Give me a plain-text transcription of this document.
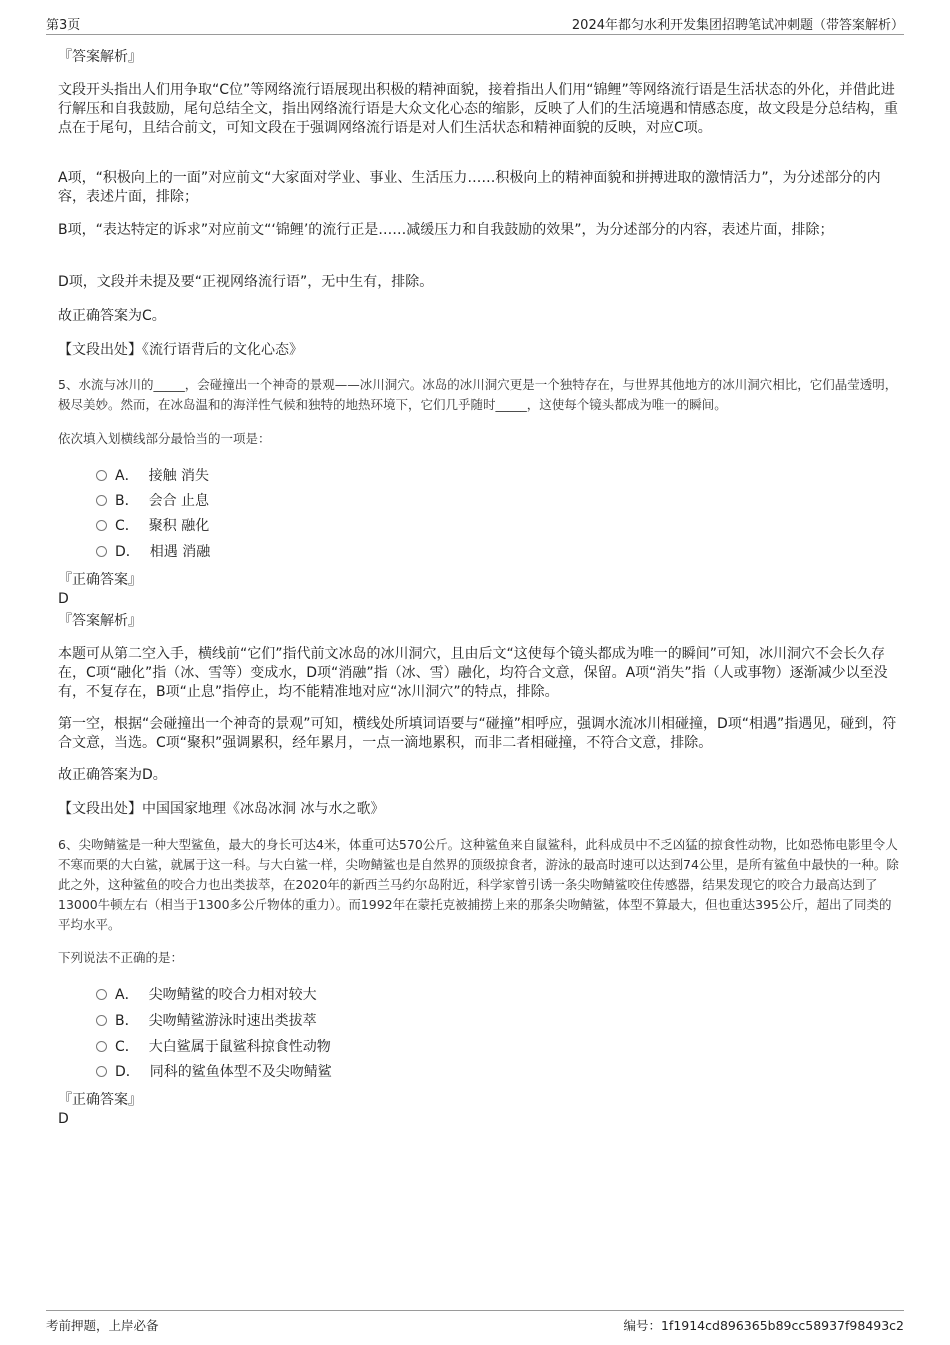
第3页	2024年都匀水利开发集团招聘笔试冲刺题（带答案解析）
『答案解析』
文段开头指出人们用争取“C位”等网络流行语展现出积极的精神面貌，接着指出人们用“锦鲤”等网络流行语是生活状态的外化，并借此进行解压和自我鼓励，尾句总结全文，指出网络流行语是大众文化心态的缩影，反映了人们的生活境遇和情感态度，故文段是分总结构，重点在于尾句，且结合前文，可知文段在于强调网络流行语是对人们生活状态和精神面貌的反映，对应C项。
A项，“积极向上的一面”对应前文“大家面对学业、事业、生活压力……积极向上的精神面貌和拼搏进取的激情活力”，为分述部分的内容，表述片面，排除；
B项，“表达特定的诉求”对应前文“‘锦鲤’的流行正是……减缓压力和自我鼓励的效果”，为分述部分的内容，表述片面，排除；
D项，文段并未提及要“正视网络流行语”，无中生有，排除。
故正确答案为C。
【文段出处】《流行语背后的文化心态》
5、水流与冰川的_____，会碰撞出一个神奇的景观——冰川洞穴。冰岛的冰川洞穴更是一个独特存在，与世界其他地方的冰川洞穴相比，它们晶莹透明，极尽美妙。然而，在冰岛温和的海洋性气候和独特的地热环境下，它们几乎随时_____，这使每个镜头都成为唯一的瞬间。
依次填入划横线部分最恰当的一项是：
A． 接触 消失
B． 会合 止息
C． 聚积 融化
D． 相遇 消融
『正确答案』
D
『答案解析』
本题可从第二空入手，横线前“它们”指代前文冰岛的冰川洞穴，且由后文“这使每个镜头都成为唯一的瞬间”可知，冰川洞穴不会长久存在，C项“融化”指（冰、雪等）变成水，D项“消融”指（冰、雪）融化，均符合文意，保留。A项“消失”指（人或事物）逐渐减少以至没有，不复存在，B项“止息”指停止，均不能精准地对应“冰川洞穴”的特点，排除。
第一空，根据“会碰撞出一个神奇的景观”可知，横线处所填词语要与“碰撞”相呼应，强调水流冰川相碰撞，D项“相遇”指遇见，碰到，符合文意，当选。C项“聚积”强调累积，经年累月，一点一滴地累积，而非二者相碰撞，不符合文意，排除。
故正确答案为D。
【文段出处】中国国家地理《冰岛冰洞 冰与水之歌》
6、尖吻鲭鲨是一种大型鲨鱼，最大的身长可达4米，体重可达570公斤。这种鲨鱼来自鼠鲨科，此科成员中不乏凶猛的掠食性动物，比如恐怖电影里令人不寒而栗的大白鲨，就属于这一科。与大白鲨一样，尖吻鲭鲨也是自然界的顶级掠食者，游泳的最高时速可以达到74公里，是所有鲨鱼中最快的一种。除此之外，这种鲨鱼的咬合力也出类拔萃，在2020年的新西兰马约尔岛附近，科学家曾引诱一条尖吻鲭鲨咬住传感器，结果发现它的咬合力最高达到了13000牛顿左右（相当于1300多公斤物体的重力）。而1992年在蒙托克被捕捞上来的那条尖吻鲭鲨，体型不算最大，但也重达395公斤，超出了同类的平均水平。
下列说法不正确的是：
A． 尖吻鲭鲨的咬合力相对较大
B． 尖吻鲭鲨游泳时速出类拔萃
C． 大白鲨属于鼠鲨科掠食性动物
D． 同科的鲨鱼体型不及尖吻鲭鲨
『正确答案』
D
考前押题，上岸必备	编号：1f1914cd896365b89cc58937f98493c2
